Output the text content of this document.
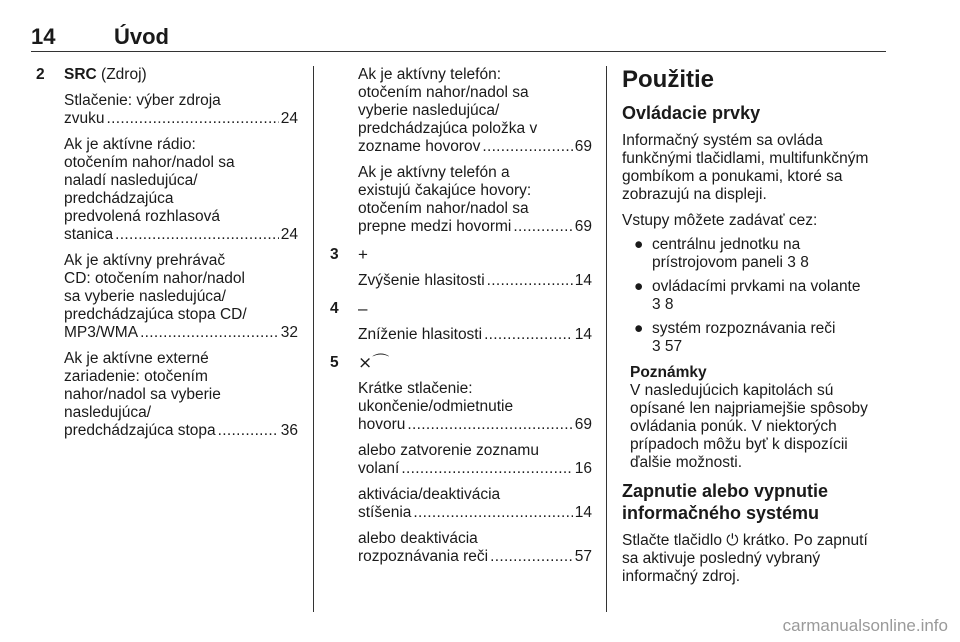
14	Úvod
2 SRC (Zdroj)

Stlačenie: výber zdroja

zvuku . . .	24

Ak je aktívne rádio:
otočením nahor/nadol sa
naladí nasledujúca/
predchádzajúca
predvolená rozhlasová

stanica . . .	24

Ak je aktívny prehrávač
CD: otočením nahor/nadol
sa vyberie nasledujúca/
predchádzajúca stopa CD/

MP3/WMA . . .	32

Ak je aktívne externé
zariadenie: otočením
nahor/nadol sa vyberie
nasledujúca/

predchádzajúca stopa . . .	36

Ak je aktívny telefón:
otočením nahor/nadol sa
vyberie nasledujúca/
predchádzajúca položka v

zozname hovorov . . .	69

Ak je aktívny telefón a
existujú čakajúce hovory:
otočením nahor/nadol sa

prepne medzi hovormi . . .	69

3 +

Zvýšenie hlasitosti . . .	14

4 –

Zníženie hlasitosti . . .	14

5 ⨯⌒

Krátke stlačenie:
ukončenie/odmietnutie

hovoru . . .	69

alebo zatvorenie zoznamu

volaní . . .	16

aktivácia/deaktivácia

stíšenia . . .	14

alebo deaktivácia

rozpoznávania reči . . .	57

Použitie
Ovládacie prvky

Informačný systém sa ovláda
funkčnými tlačidlami, multifunkčným
gombíkom a ponukami, ktoré sa
zobrazujú na displeji.

Vstupy môžete zadávať cez:

● centrálnu jednotku na
prístrojovom paneli 3 8
● ovládacími prvkami na volante
3 8
● systém rozpoznávania reči
3 57
Poznámky
V nasledujúcich kapitolách sú
opísané len najpriamejšie spôsoby
ovládania ponúk. V niektorých
prípadoch môžu byť k dispozícii
ďalšie možnosti.
Zapnutie alebo vypnutie
informačného systému

Stlačte tlačidlo ⏻ krátko. Po zapnutí
sa aktivuje posledný vybraný
informačný zdroj.

carmanualsonline.info
